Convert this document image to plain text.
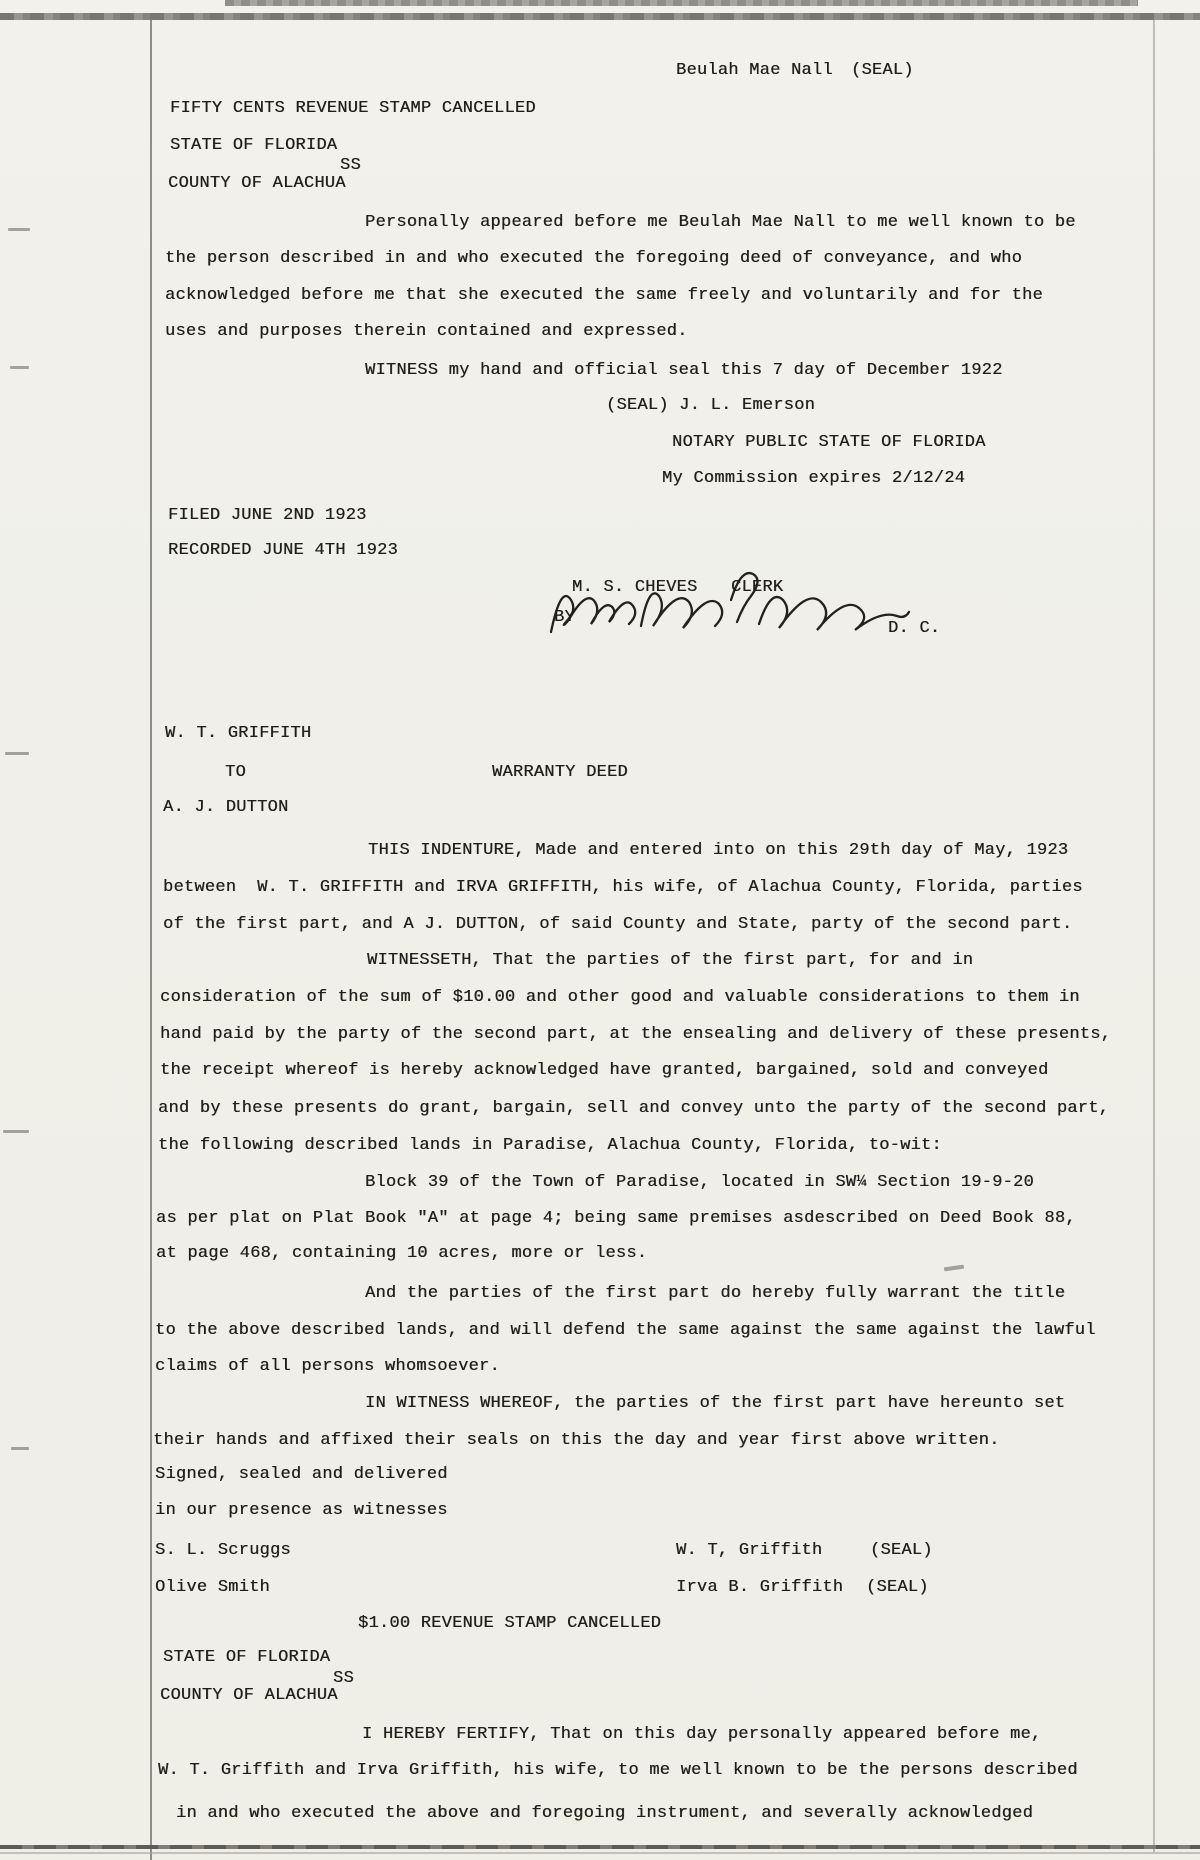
Beulah Mae Nall (SEAL)
FIFTY CENTS REVENUE STAMP CANCELLED
STATE OF FLORIDA
SS
COUNTY OF ALACHUA
Personally appeared before me Beulah Mae Nall to me well known to be
the person described in and who executed the foregoing deed of conveyance, and who
acknowledged before me that she executed the same freely and voluntarily and for the
uses and purposes therein contained and expressed.
WITNESS my hand and official seal this 7 day of December 1922
(SEAL) J. L. Emerson
NOTARY PUBLIC STATE OF FLORIDA
My Commission expires 2/12/24
FILED JUNE 2ND 1923
RECORDED JUNE 4TH 1923
M. S. CHEVES CLERK
BY
D. C.
W. T. GRIFFITH
TO	WARRANTY DEED
A. J. DUTTON
THIS INDENTURE, Made and entered into on this 29th day of May, 1923
between  W. T. GRIFFITH and IRVA GRIFFITH, his wife, of Alachua County, Florida, parties
of the first part, and A J. DUTTON, of said County and State, party of the second part.
WITNESSETH, That the parties of the first part, for and in
consideration of the sum of $10.00 and other good and valuable considerations to them in
hand paid by the party of the second part, at the ensealing and delivery of these presents,
the receipt whereof is hereby acknowledged have granted, bargained, sold and conveyed
and by these presents do grant, bargain, sell and convey unto the party of the second part,
the following described lands in Paradise, Alachua County, Florida, to-wit:
Block 39 of the Town of Paradise, located in SW¼ Section 19-9-20
as per plat on Plat Book "A" at page 4; being same premises asdescribed on Deed Book 88,
at page 468, containing 10 acres, more or less.
And the parties of the first part do hereby fully warrant the title
to the above described lands, and will defend the same against the same against the lawful
claims of all persons whomsoever.
IN WITNESS WHEREOF, the parties of the first part have hereunto set
their hands and affixed their seals on this the day and year first above written.
Signed, sealed and delivered
in our presence as witnesses
S. L. Scruggs	W. T, Griffith	(SEAL)
Olive Smith	Irva B. Griffith (SEAL)
$1.00 REVENUE STAMP CANCELLED
STATE OF FLORIDA
SS
COUNTY OF ALACHUA
I HEREBY FERTIFY, That on this day personally appeared before me,
W. T. Griffith and Irva Griffith, his wife, to me well known to be the persons described
in and who executed the above and foregoing instrument, and severally acknowledged
